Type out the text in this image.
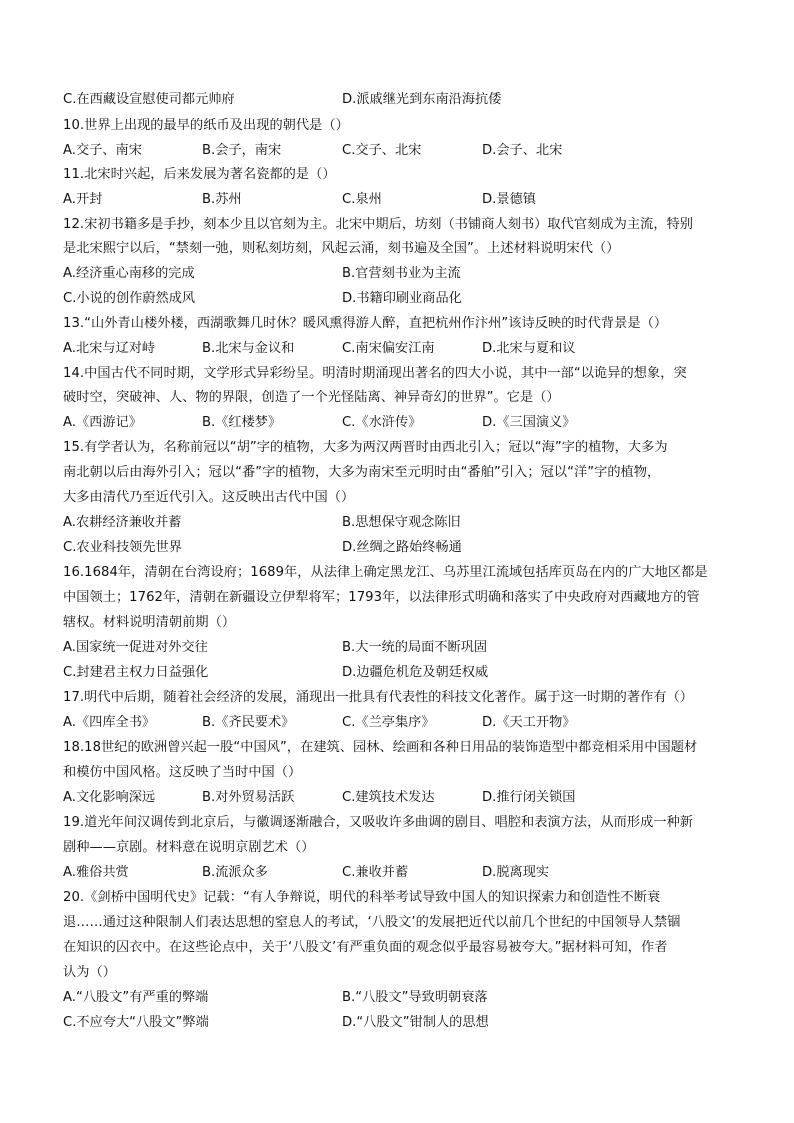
C.在西藏设宣慰使司都元帅府	D.派戚继光到东南沿海抗倭
10.世界上出现的最早的纸币及出现的朝代是（）
A.交子、南宋	B.会子，南宋	C.交子、北宋	D.会子、北宋
11.北宋时兴起，后来发展为著名瓷都的是（）
A.开封	B.苏州	C.泉州	D.景德镇
12.宋初书籍多是手抄，刻本少且以官刻为主。北宋中期后，坊刻（书铺商人刻书）取代官刻成为主流，特别
是北宋熙宁以后，“禁刻一弛，则私刻坊刻，风起云涌，刻书遍及全国”。上述材料说明宋代（）
A.经济重心南移的完成	B.官营刻书业为主流
C.小说的创作蔚然成风	D.书籍印刷业商品化
13.“山外青山楼外楼，西湖歌舞几时休？暖风熏得游人醉，直把杭州作汴州”该诗反映的时代背景是（）
A.北宋与辽对峙	B.北宋与金议和	C.南宋偏安江南	D.北宋与夏和议
14.中国古代不同时期，文学形式异彩纷呈。明清时期涌现出著名的四大小说，其中一部“以诡异的想象，突
破时空，突破神、人、物的界限，创造了一个光怪陆离、神异奇幻的世界”。它是（）
A.《西游记》	B.《红楼梦》	C.《水浒传》	D.《三国演义》
15.有学者认为，名称前冠以“胡”字的植物，大多为两汉两晋时由西北引入；冠以“海”字的植物，大多为
南北朝以后由海外引入；冠以“番”字的植物，大多为南宋至元明时由“番舶”引入；冠以“洋”字的植物，
大多由清代乃至近代引入。这反映出古代中国（）
A.农耕经济兼收并蓄	B.思想保守观念陈旧
C.农业科技领先世界	D.丝绸之路始终畅通
16.1684年，清朝在台湾设府；1689年，从法律上确定黑龙江、乌苏里江流域包括库页岛在内的广大地区都是
中国领土；1762年，清朝在新疆设立伊犁将军；1793年，以法律形式明确和落实了中央政府对西藏地方的管
辖权。材料说明清朝前期（）
A.国家统一促进对外交往	B.大一统的局面不断巩固
C.封建君主权力日益强化	D.边疆危机危及朝廷权威
17.明代中后期，随着社会经济的发展，涌现出一批具有代表性的科技文化著作。属于这一时期的著作有（）
A.《四库全书》	B.《齐民要术》	C.《兰亭集序》	D.《天工开物》
18.18世纪的欧洲曾兴起一股“中国风”，在建筑、园林、绘画和各种日用品的装饰造型中都竞相采用中国题材
和模仿中国风格。这反映了当时中国（）
A.文化影响深远	B.对外贸易活跃	C.建筑技术发达	D.推行闭关锁国
19.道光年间汉调传到北京后，与徽调逐渐融合，又吸收许多曲调的剧目、唱腔和表演方法，从而形成一种新
剧种——京剧。材料意在说明京剧艺术（）
A.雅俗共赏	B.流派众多	C.兼收并蓄	D.脱离现实
20.《剑桥中国明代史》记载：“有人争辩说，明代的科举考试导致中国人的知识探索力和创造性不断衰
退……通过这种限制人们表达思想的窒息人的考试，‘八股文’的发展把近代以前几个世纪的中国领导人禁锢
在知识的囚衣中。在这些论点中，关于‘八股文’有严重负面的观念似乎最容易被夸大。”据材料可知，作者
认为（）
A.“八股文”有严重的弊端	B.“八股文”导致明朝衰落
C.不应夸大“八股文”弊端	D.“八股文”钳制人的思想
